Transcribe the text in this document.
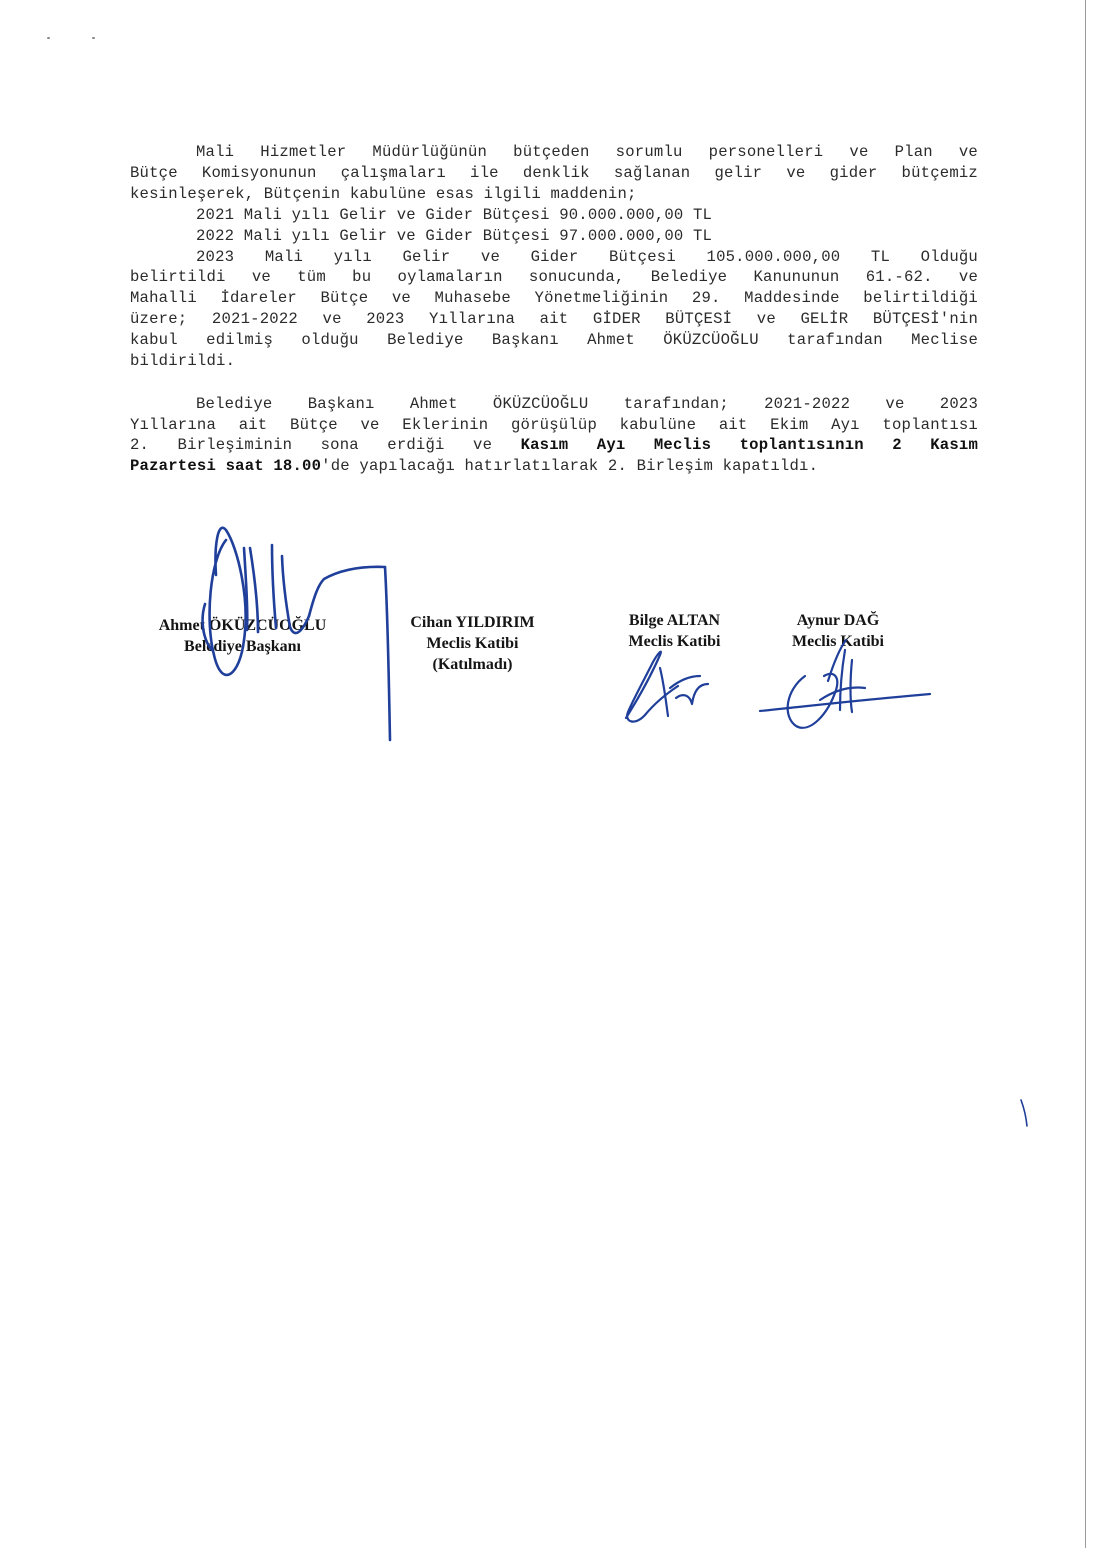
Mali Hizmetler Müdürlüğünün bütçeden sorumlu personelleri ve Plan ve
Bütçe Komisyonunun çalışmaları ile denklik sağlanan gelir ve gider bütçemiz
kesinleşerek, Bütçenin kabulüne esas ilgili maddenin;
2021 Mali yılı Gelir ve Gider Bütçesi 90.000.000,00 TL
2022 Mali yılı Gelir ve Gider Bütçesi 97.000.000,00 TL
2023 Mali yılı Gelir ve Gider Bütçesi 105.000.000,00 TL Olduğu
belirtildi ve tüm bu oylamaların sonucunda, Belediye Kanununun 61.-62. ve
Mahalli İdareler Bütçe ve Muhasebe Yönetmeliğinin 29. Maddesinde belirtildiği
üzere; 2021-2022 ve 2023 Yıllarına ait GİDER BÜTÇESİ ve GELİR BÜTÇESİ'nin
kabul edilmiş olduğu Belediye Başkanı Ahmet ÖKÜZCÜOĞLU tarafından Meclise
bildirildi.
Belediye Başkanı Ahmet ÖKÜZCÜOĞLU tarafından; 2021-2022 ve 2023
Yıllarına ait Bütçe ve Eklerinin görüşülüp kabulüne ait Ekim Ayı toplantısı
2. Birleşiminin sona erdiği ve Kasım Ayı Meclis toplantısının 2 Kasım
Pazartesi saat 18.00'de yapılacağı hatırlatılarak 2. Birleşim kapatıldı.
Ahmet ÖKÜZCÜOĞLU
Belediye Başkanı
Cihan YILDIRIM
Meclis Katibi
(Katılmadı)
Bilge ALTAN
Meclis Katibi
Aynur DAĞ
Meclis Katibi
